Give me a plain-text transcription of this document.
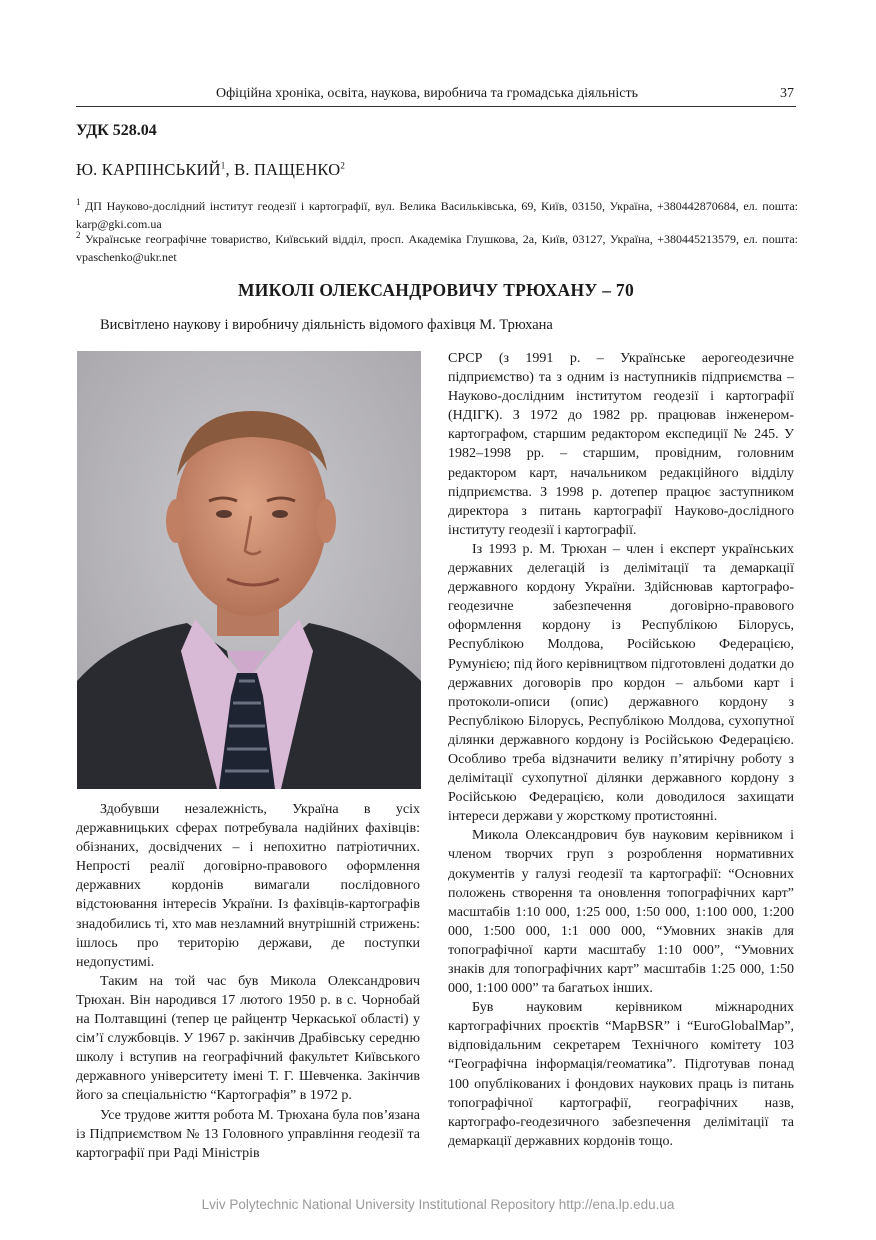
Офіційна хроніка, освіта, наукова, виробнича та громадська діяльність	37
УДК 528.04
Ю. КАРПІНСЬКИЙ$^1$, В. ПАЩЕНКО$^2$
$^1$ ДП Науково-дослідний інститут геодезії і картографії, вул. Велика Васильківська, 69, Київ, 03150, Україна, +380442870684, ел. пошта: karp@gki.com.ua
$^2$ Українське географічне товариство, Київський відділ, просп. Академіка Глушкова, 2а, Київ, 03127, Україна, +380445213579, ел. пошта: vpaschenko@ukr.net
МИКОЛІ ОЛЕКСАНДРОВИЧУ ТРЮХАНУ – 70
Висвітлено наукову і виробничу діяльність відомого фахівця М. Трюхана

Здобувши незалежність, Україна в усіх державницьких сферах потребувала надійних фахівців: обізнаних, досвідчених – і непохитно патріотичних. Непрості реалії договірно-правового оформлення державних кордонів вимагали послідовного відстоювання інтересів України. Із фахівців-картографів знадобились ті, хто мав незламний внутрішній стрижень: ішлось про територію держави, де поступки недопустимі.

Таким на той час був Микола Олександрович Трюхан. Він народився 17 лютого 1950 р. в с. Чорнобай на Полтавщині (тепер це райцентр Черкаської області) у сім’ї службовців. У 1967 р. закінчив Драбівську середню школу і вступив на географічний факультет Київського державного університету імені Т. Г. Шевченка. Закінчив його за спеціальністю “Картографія” в 1972 р.

Усе трудове життя робота М. Трюхана була пов’язана із Підприємством № 13 Головного управління геодезії та картографії при Раді Міністрів

СРСР (з 1991 р. – Українське аерогеодезичне підприємство) та з одним із наступників підприємства – Науково-дослідним інститутом геодезії і картографії (НДІГК). З 1972 до 1982 рр. працював інженером-картографом, старшим редактором експедиції № 245. У 1982–1998 рр. – старшим, провідним, головним редактором карт, начальником редакційного відділу підприємства. З 1998 р. дотепер працює заступником директора з питань картографії Науково-дослідного інституту геодезії і картографії.

Із 1993 р. М. Трюхан – член і експерт українських державних делегацій із делімітації та демаркації державного кордону України. Здійснював картографо-геодезичне забезпечення договірно-правового оформлення кордону із Республікою Білорусь, Республікою Молдова, Російською Федерацією, Румунією; під його керівництвом підготовлені додатки до державних договорів про кордон – альбоми карт і протоколи-описи (опис) державного кордону з Республікою Білорусь, Республікою Молдова, сухопутної ділянки державного кордону із Російською Федерацією. Особливо треба відзначити велику п’ятирічну роботу з делімітації сухопутної ділянки державного кордону з Російською Федерацією, коли доводилося захищати інтереси держави у жорсткому протистоянні.

Микола Олександрович був науковим керівником і членом творчих груп з розроблення нормативних документів у галузі геодезії та картографії: “Основних положень створення та оновлення топографічних карт” масштабів 1:10 000, 1:25 000, 1:50 000, 1:100 000, 1:200 000, 1:500 000, 1:1 000 000, “Умовних знаків для топографічної карти масштабу 1:10 000”, “Умовних знаків для топографічних карт” масштабів 1:25 000, 1:50 000, 1:100 000” та багатьох інших.

Був науковим керівником міжнародних картографічних проєктів “MapBSR” і “EuroGlobalMap”, відповідальним секретарем Технічного комітету 103 “Географічна інформація/геоматика”. Підготував понад 100 опублікованих і фондових наукових праць із питань топографічної картографії, географічних назв, картографо-геодезичного забезпечення делімітації та демаркації державних кордонів тощо.

Lviv Polytechnic National University Institutional Repository http://ena.lp.edu.ua
